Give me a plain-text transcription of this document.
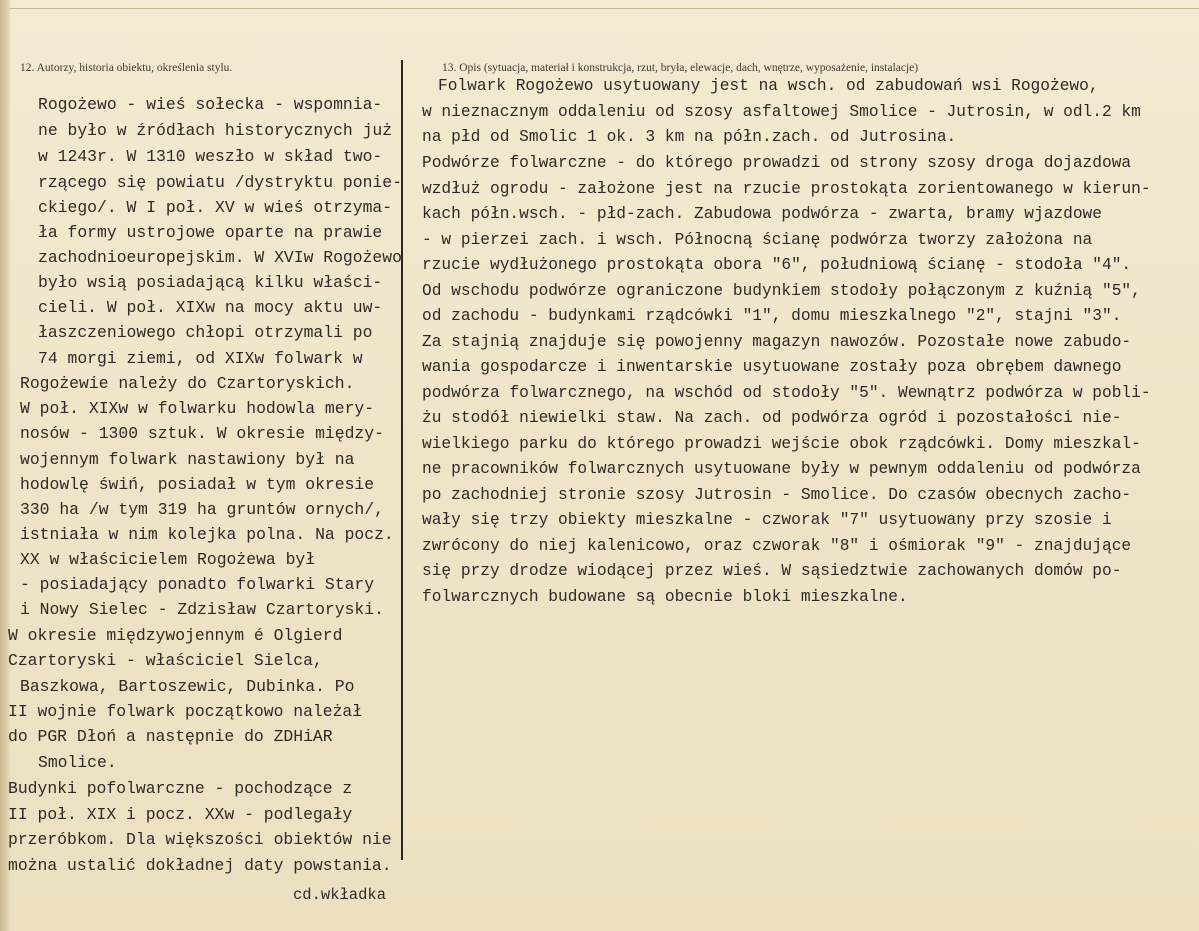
12. Autorzy, historia obiektu, określenia stylu.	13. Opis (sytuacja, materiał i konstrukcja, rzut, bryła, elewacje, dach, wnętrze, wyposażenie, instalacje)
Rogożewo - wieś sołecka - wspomnia-
ne było w źródłach historycznych już
w 1243r. W 1310 weszło w skład two-
rzącego się powiatu /dystryktu ponie-
ckiego/. W I poł. XV w wieś otrzyma-
ła formy ustrojowe oparte na prawie
zachodnioeuropejskim. W XVIw Rogożewo
było wsią posiadającą kilku właści-
cieli. W poł. XIXw na mocy aktu uw-
łaszczeniowego chłopi otrzymali po
74 morgi ziemi, od XIXw folwark w
Rogożewie należy do Czartoryskich.
W poł. XIXw w folwarku hodowla mery-
nosów - 1300 sztuk. W okresie między-
wojennym folwark nastawiony był na
hodowlę świń, posiadał w tym okresie
330 ha /w tym 319 ha gruntów ornych/,
istniała w nim kolejka polna. Na pocz.
XX w właścicielem Rogożewa był
- posiadający ponadto folwarki Stary
i Nowy Sielec - Zdzisław Czartoryski.
W okresie międzywojennym é Olgierd
Czartoryski - właściciel Sielca,
Baszkowa, Bartoszewic, Dubinka. Po
II wojnie folwark początkowo należał
do PGR Dłoń a następnie do ZDHiAR
Smolice.
Budynki pofolwarczne - pochodzące z
II poł. XIX i pocz. XXw - podlegały
przeróbkom. Dla większości obiektów nie
można ustalić dokładnej daty powstania.
cd.wkładka
Folwark Rogożewo usytuowany jest na wsch. od zabudowań wsi Rogożewo,
w nieznacznym oddaleniu od szosy asfaltowej Smolice - Jutrosin, w odl.2 km
na płd od Smolic 1 ok. 3 km na półn.zach. od Jutrosina.
Podwórze folwarczne - do którego prowadzi od strony szosy droga dojazdowa
wzdłuż ogrodu - założone jest na rzucie prostokąta zorientowanego w kierun-
kach półn.wsch. - płd-zach. Zabudowa podwórza - zwarta, bramy wjazdowe
- w pierzei zach. i wsch. Północną ścianę podwórza tworzy założona na
rzucie wydłużonego prostokąta obora "6", południową ścianę - stodoła "4".
Od wschodu podwórze ograniczone budynkiem stodoły połączonym z kuźnią "5",
od zachodu - budynkami rządcówki "1", domu mieszkalnego "2", stajni "3".
Za stajnią znajduje się powojenny magazyn nawozów. Pozostałe nowe zabudo-
wania gospodarcze i inwentarskie usytuowane zostały poza obrębem dawnego
podwórza folwarcznego, na wschód od stodoły "5". Wewnątrz podwórza w pobli-
żu stodół niewielki staw. Na zach. od podwórza ogród i pozostałości nie-
wielkiego parku do którego prowadzi wejście obok rządcówki. Domy mieszkal-
ne pracowników folwarcznych usytuowane były w pewnym oddaleniu od podwórza
po zachodniej stronie szosy Jutrosin - Smolice. Do czasów obecnych zacho-
wały się trzy obiekty mieszkalne - czworak "7" usytuowany przy szosie i
zwrócony do niej kalenicowo, oraz czworak "8" i ośmiorak "9" - znajdujące
się przy drodze wiodącej przez wieś. W sąsiedztwie zachowanych domów po-
folwarcznych budowane są obecnie bloki mieszkalne.
